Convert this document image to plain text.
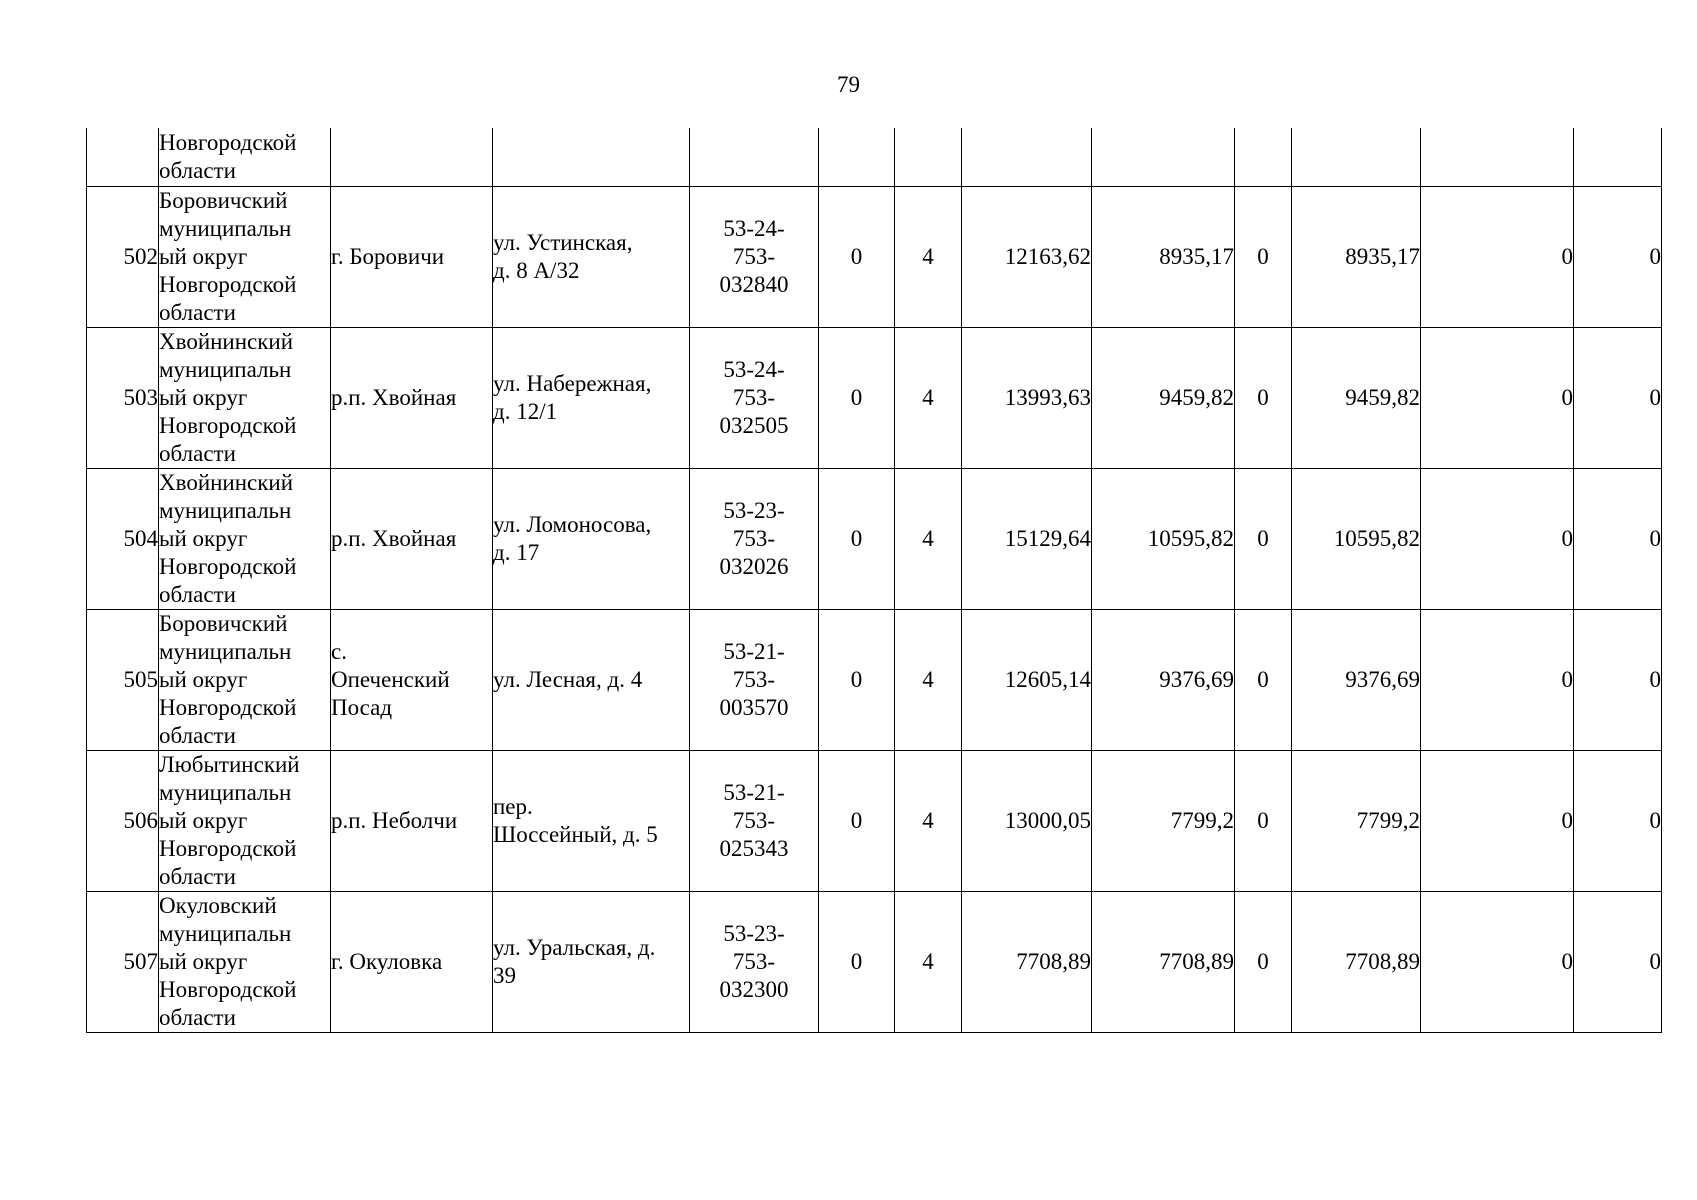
79

	Новгородской
области											

502	Боровичский
муниципальн
ый округ
Новгородской
области	г. Боровичи	ул. Устинская,
д. 8 А/32	53-24-
753-
032840	0	4	12163,62	8935,17	0	8935,17	0	0

503	Хвойнинский
муниципальн
ый округ
Новгородской
области	р.п. Хвойная	ул. Набережная,
д. 12/1	53-24-
753-
032505	0	4	13993,63	9459,82	0	9459,82	0	0

504	Хвойнинский
муниципальн
ый округ
Новгородской
области	р.п. Хвойная	ул. Ломоносова,
д. 17	53-23-
753-
032026	0	4	15129,64	10595,82	0	10595,82	0	0

505	Боровичский
муниципальн
ый округ
Новгородской
области	с.
Опеченский
Посад	ул. Лесная, д. 4	53-21-
753-
003570	0	4	12605,14	9376,69	0	9376,69	0	0

506	Любытинский
муниципальн
ый округ
Новгородской
области	р.п. Неболчи	пер.
Шоссейный, д. 5	53-21-
753-
025343	0	4	13000,05	7799,2	0	7799,2	0	0

507	Окуловский
муниципальн
ый округ
Новгородской
области	г. Окуловка	ул. Уральская, д.
39	53-23-
753-
032300	0	4	7708,89	7708,89	0	7708,89	0	0
